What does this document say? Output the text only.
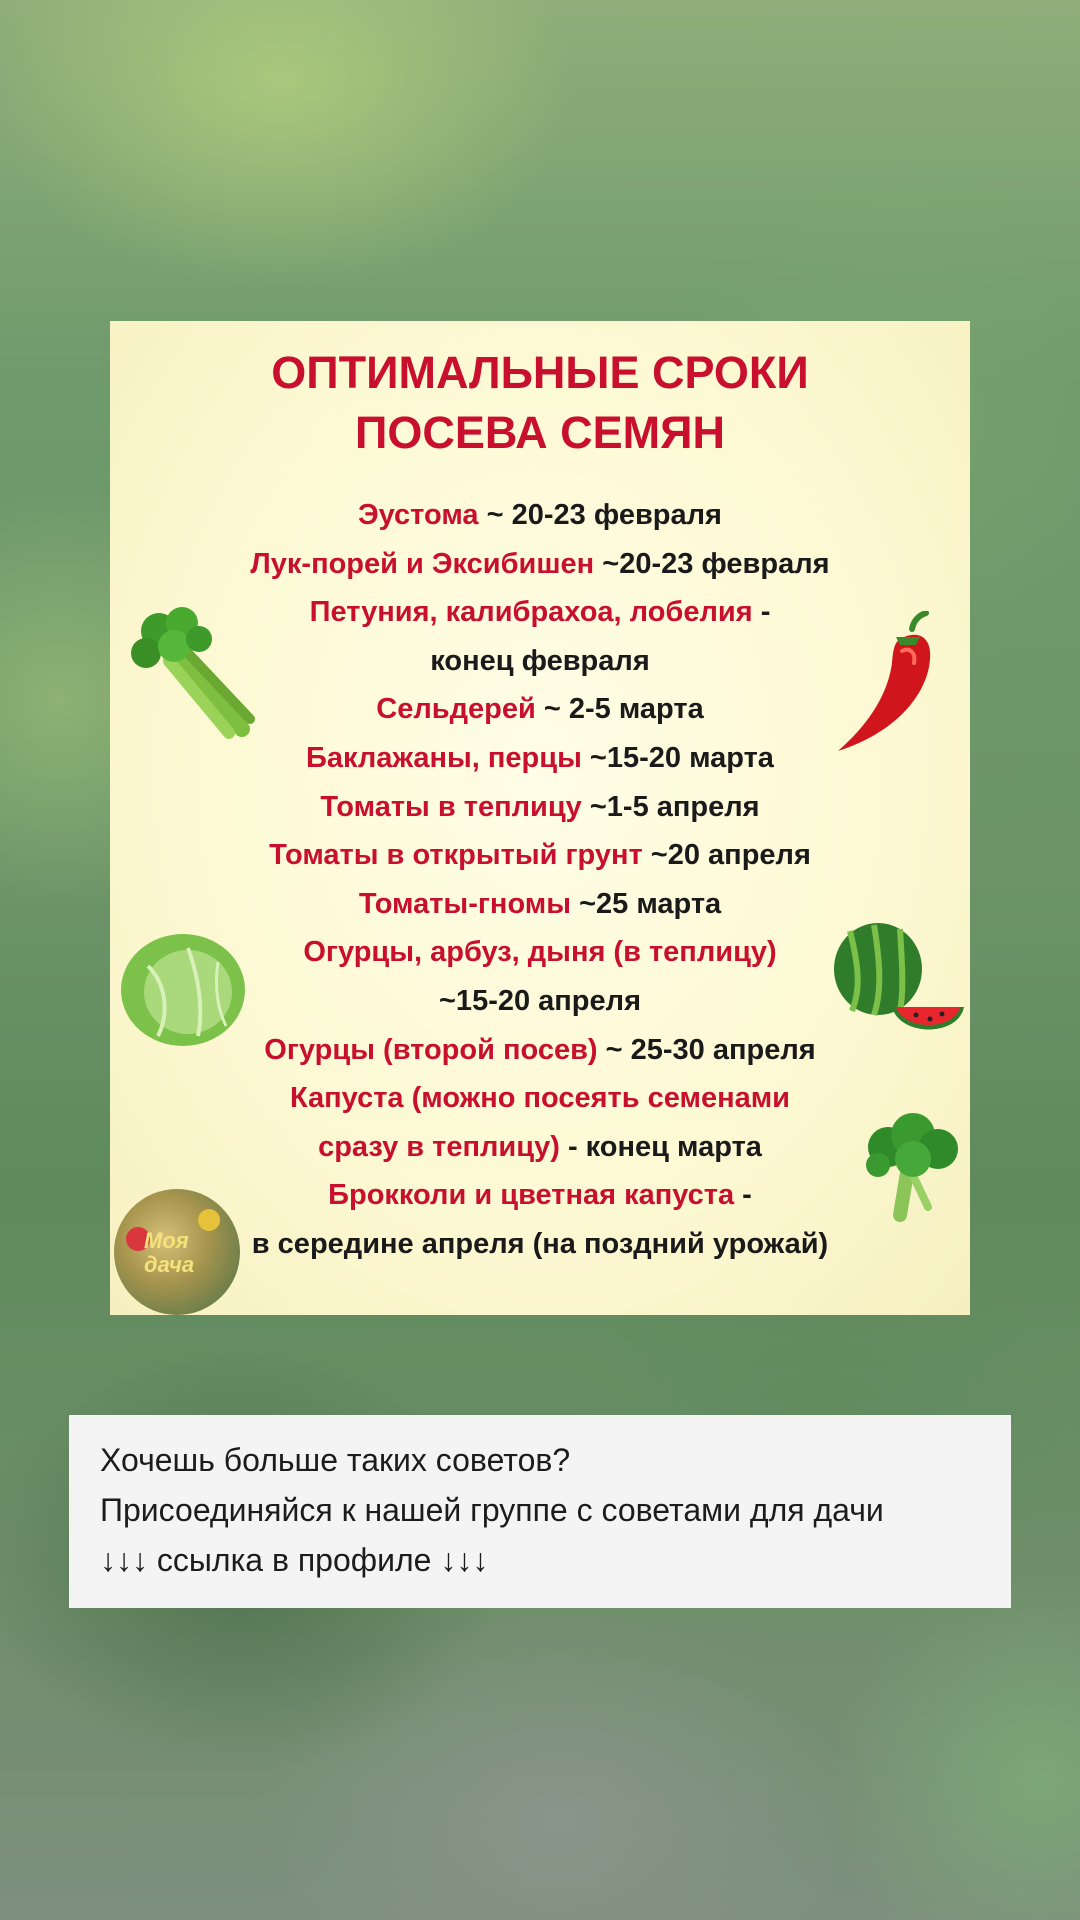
ОПТИМАЛЬНЫЕ СРОКИ
ПОСЕВА СЕМЯН
Эустома ~ 20-23 февраля
Лук-порей и Эксибишен ~20-23 февраля
Петуния, калибрахоа, лобелия -
конец февраля
Сельдерей ~ 2-5 марта
Баклажаны, перцы ~15-20 марта
Томаты в теплицу ~1-5 апреля
Томаты в открытый грунт ~20 апреля
Томаты-гномы ~25 марта
Огурцы, арбуз, дыня (в теплицу)
~15-20 апреля
Огурцы (второй посев) ~ 25-30 апреля
Капуста (можно посеять семенами
сразу в теплицу) - конец марта
Брокколи и цветная капуста -
в середине апреля (на поздний урожай)
Моя дача
Хочешь больше таких советов?
Присоединяйся к нашей группе с советами для дачи
↓↓↓ ссылка в профиле ↓↓↓
